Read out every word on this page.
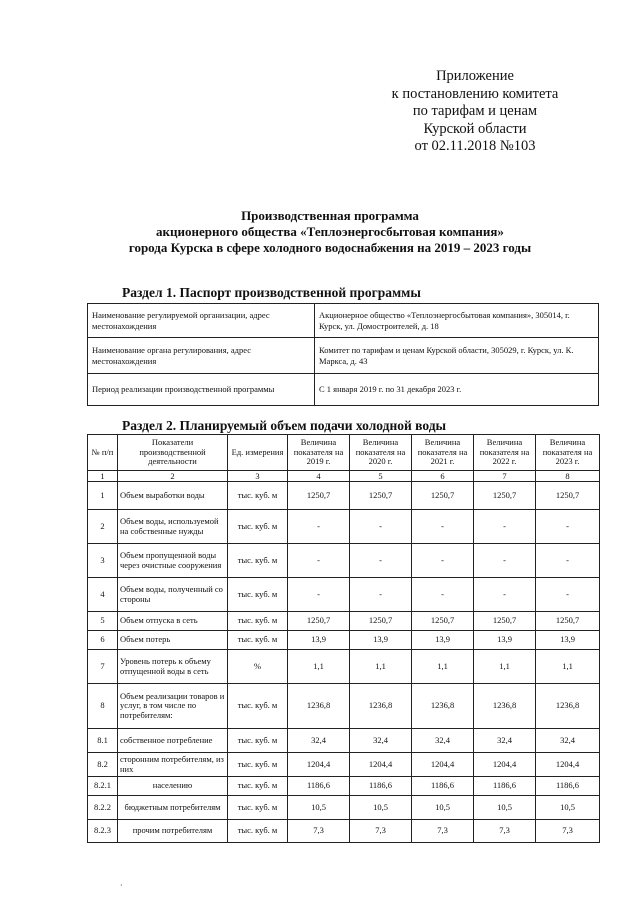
Приложение
к постановлению комитета
по тарифам и ценам
Курской области
от 02.11.2018 №103
Производственная программа
акционерного общества «Теплоэнергосбытовая компания»
города Курска в сфере холодного водоснабжения на 2019 – 2023 годы
Раздел 1. Паспорт производственной программы
Наименование регулируемой организации, адрес местонахождения	Акционерное общество «Теплоэнергосбытовая компания», 305014, г. Курск, ул. Домостроителей, д. 18
Наименование органа регулирования, адрес местонахождения	Комитет по тарифам и ценам Курской области, 305029, г. Курск, ул. К. Маркса, д. 43
Период реализации производственной программы	С 1 января 2019 г. по 31 декабря 2023 г.
Раздел 2. Планируемый объем подачи холодной воды
№ п/п	Показатели производственной деятельности	Ед. измерения	Величина показателя на 2019 г.	Величина показателя на 2020 г.	Величина показателя на 2021 г.	Величина показателя на 2022 г.	Величина показателя на 2023 г.
1	2	3	4	5	6	7	8
1	Объем выработки воды	тыс. куб. м	1250,7	1250,7	1250,7	1250,7	1250,7
2	Объем воды, используемой на собственные нужды	тыс. куб. м	-	-	-	-	-
3	Объем пропущенной воды через очистные сооружения	тыс. куб. м	-	-	-	-	-
4	Объем воды, полученный со стороны	тыс. куб. м	-	-	-	-	-
5	Объем отпуска в сеть	тыс. куб. м	1250,7	1250,7	1250,7	1250,7	1250,7
6	Объем потерь	тыс. куб. м	13,9	13,9	13,9	13,9	13,9
7	Уровень потерь к объему отпущенной воды в сеть	%	1,1	1,1	1,1	1,1	1,1
8	Объем реализации товаров и услуг, в том числе по потребителям:	тыс. куб. м	1236,8	1236,8	1236,8	1236,8	1236,8
8.1	собственное потребление	тыс. куб. м	32,4	32,4	32,4	32,4	32,4
8.2	сторонним потребителям, из них	тыс. куб. м	1204,4	1204,4	1204,4	1204,4	1204,4
8.2.1	населению	тыс. куб. м	1186,6	1186,6	1186,6	1186,6	1186,6
8.2.2	бюджетным потребителям	тыс. куб. м	10,5	10,5	10,5	10,5	10,5
8.2.3	прочим потребителям	тыс. куб. м	7,3	7,3	7,3	7,3	7,3
·
